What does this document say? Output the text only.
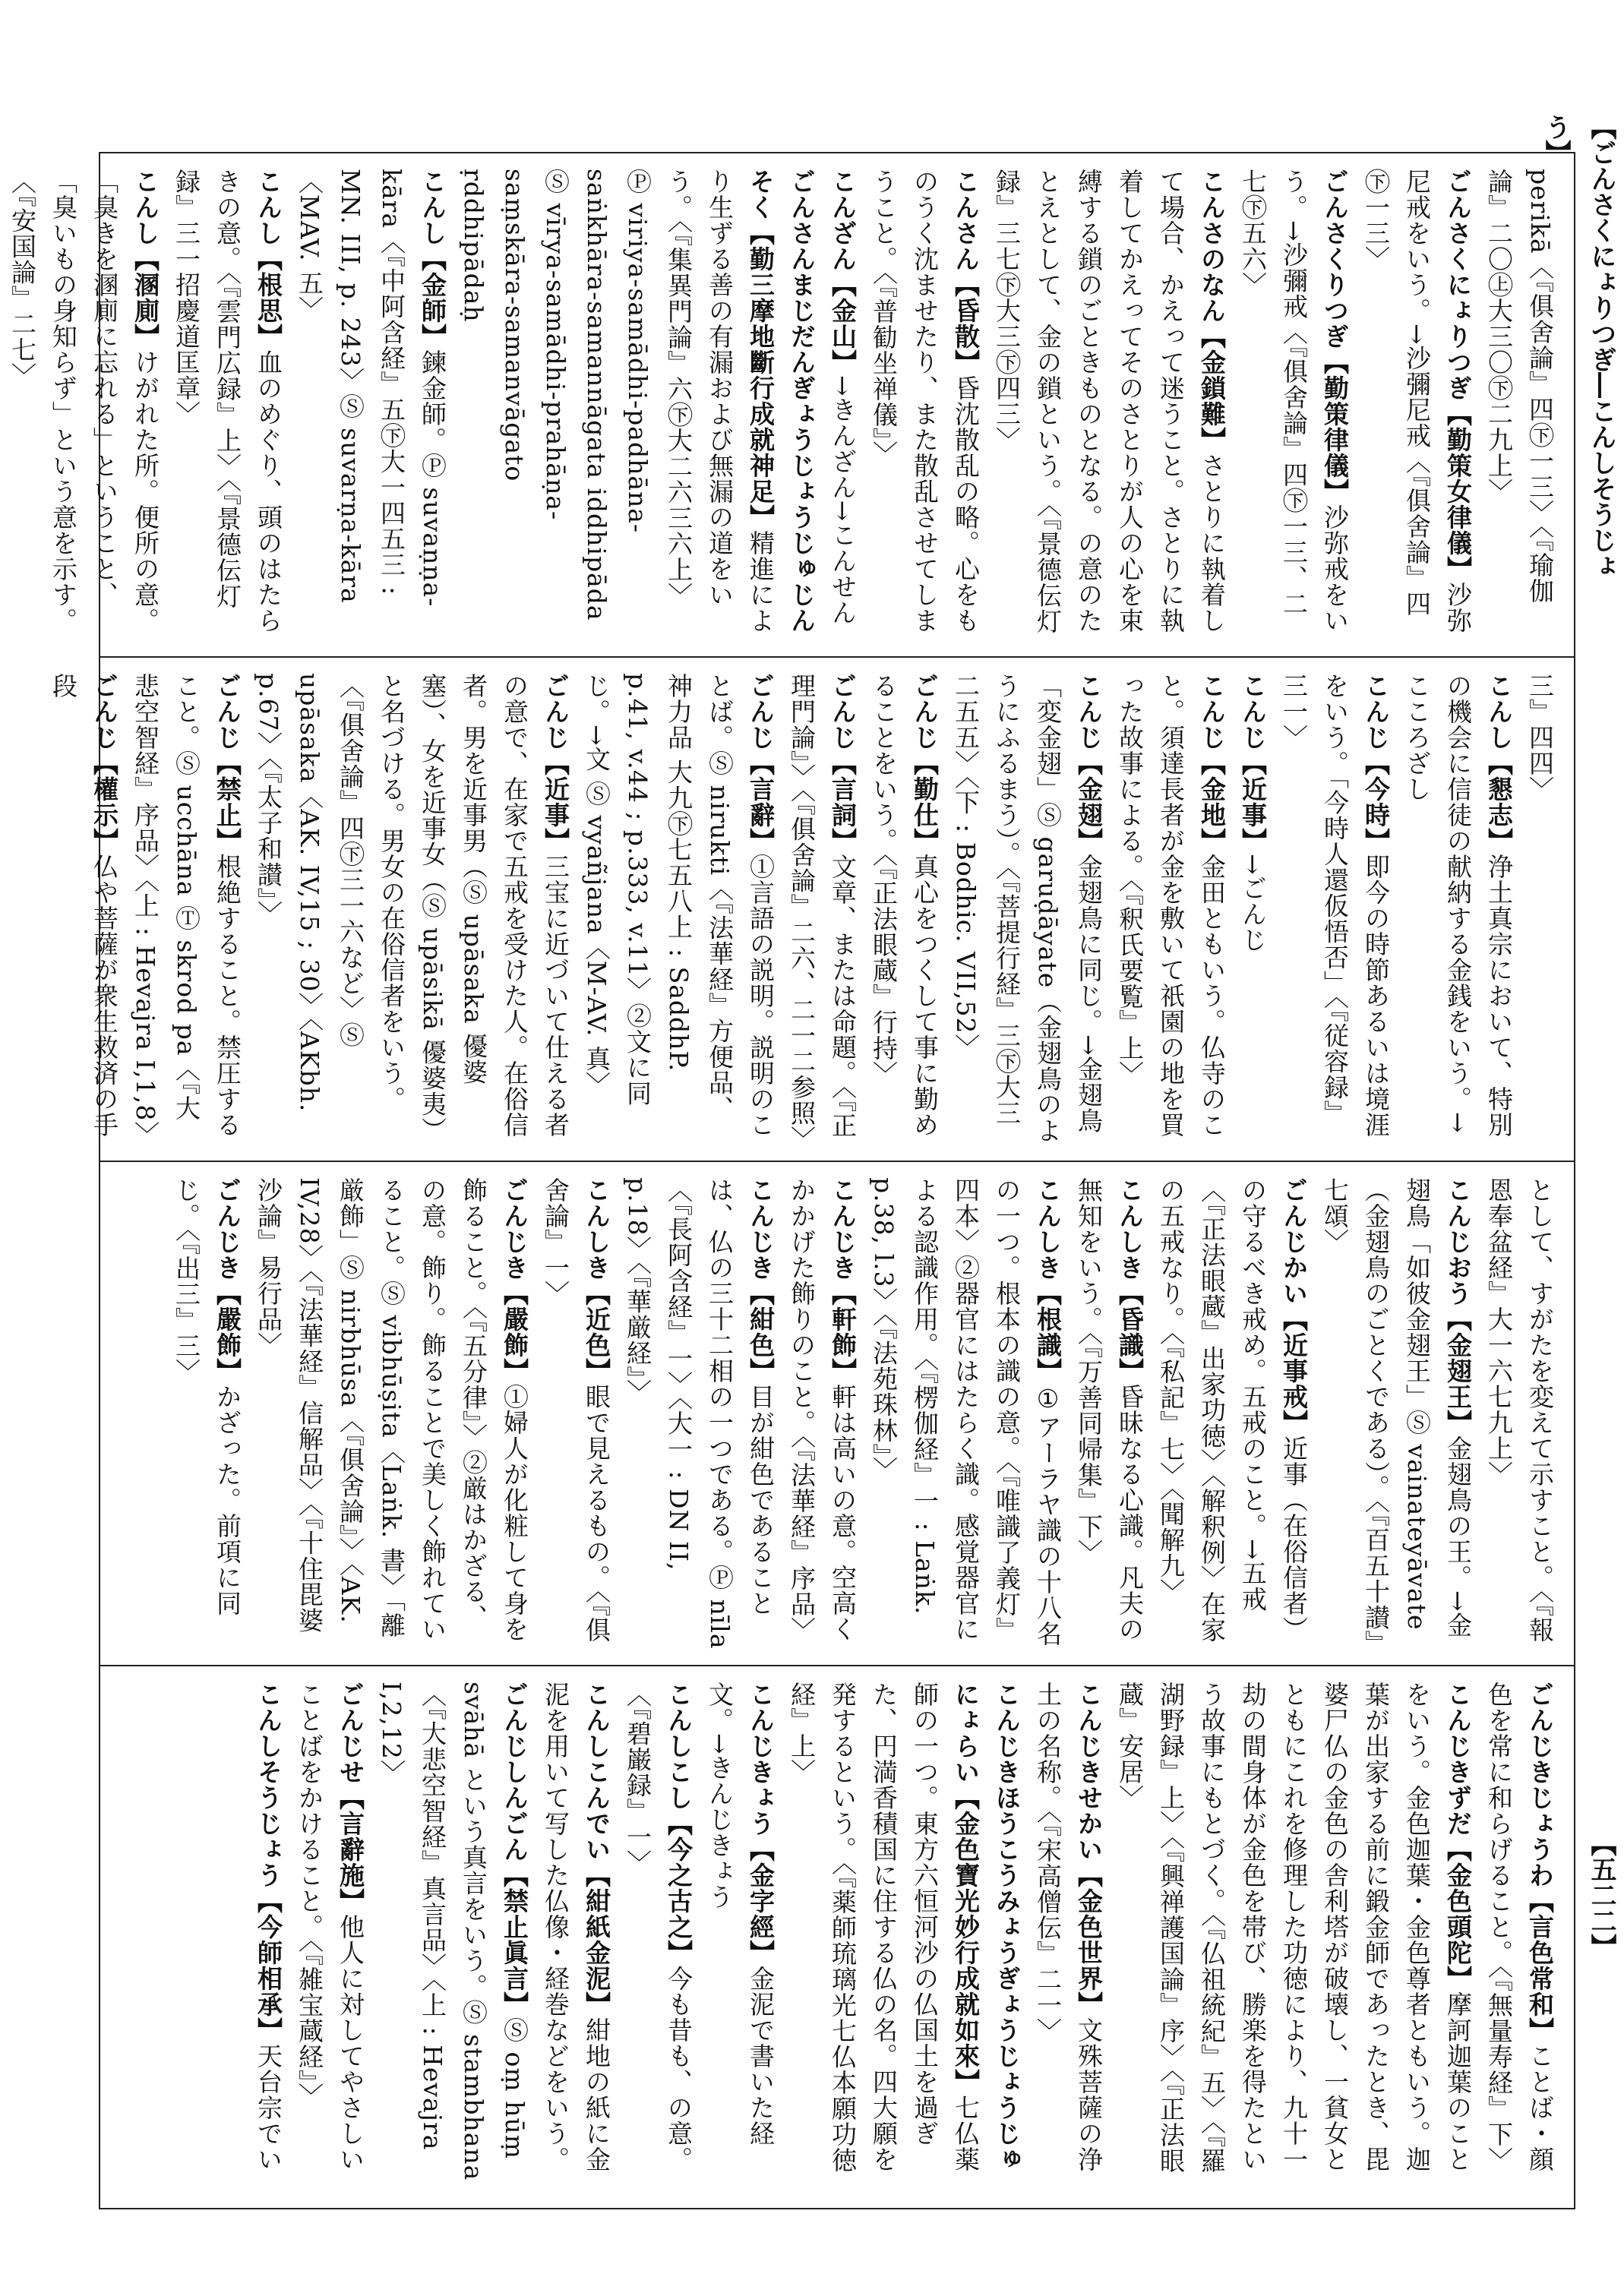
【ごんさくにょりつぎ―こんしそうじょう】
【五二二】
perikā〈『俱舍論』四㊦一三〉〈『瑜伽論』二〇㊤大三〇㊦二九上〉
ごんさくにょりつぎ【勤策女律儀】沙弥尼戒をいう。→沙彌尼戒〈『俱舍論』四㊦一三〉
ごんさくりつぎ【勤策律儀】沙弥戒をいう。→沙彌戒〈『俱舍論』四㊦一三、二七㊦五六〉
こんさのなん【金鎖難】さとりに執着して場合、かえって迷うこと。さとりに執着してかえってそのさとりが人の心を束縛する鎖のごときものとなる。の意のたとえとして、金の鎖という。〈『景德伝灯録』三七㊦大三㊦四三〉
こんさん【昏散】昏沈散乱の略。心をものうく沈ませたり、また散乱させてしまうこと。〈『普勧坐禅儀』〉
こんざん【金山】→きんざん→こんせん
ごんさんまじだんぎょうじょうじゅじんそく【勤三摩地斷行成就神足】精進により生ずる善の有漏および無漏の道をいう。〈『集異門論』六㊦大二六三六上〉 Ⓟ viriya-samādhi-padhāna-saṅkhāra-samannāgata iddhipāda Ⓢ vīrya-samādhi-prahāṇa-saṃskāra-samanvāgato ṛddhipādaḥ
こんし【金師】鍊金師。Ⓟ suvaṇṇa-kāra〈『中阿含経』五㊦大一四五三 : MN. III, p. 243〉Ⓢ suvarṇa-kāra〈MAV. 五〉
こんし【根思】血のめぐり、頭のはたらきの意。〈『雲門広録』上〉〈『景德伝灯録』三一招慶道匡章〉
こんし【溷廁】けがれた所。便所の意。「臭きを溷廁に忘れる」ということ、「臭いもの身知らず」という意を示す。〈『安国論』二七〉
三』四四〉
こんし【懇志】浄土真宗において、特別の機会に信徒の献納する金銭をいう。→こころざし
こんじ【今時】即今の時節あるいは境涯をいう。「今時人還仮悟否」〈『従容録』三一〉
こんじ【近事】→ごんじ
こんじ【金地】金田ともいう。仏寺のこと。須達長者が金を敷いて祇園の地を買った故事による。〈『釈氏要覧』上〉
こんじ【金翅】金翅鳥に同じ。→金翅鳥「変金翅」Ⓢ garuḍāyate（金翅鳥のようにふるまう）。〈『菩提行経』三㊦大三二五五〉〈下 : Bodhic. VII,52〉
ごんじ【勤仕】真心をつくして事に勤めることをいう。〈『正法眼蔵』行持〉
ごんじ【言詞】文章、または命題。〈『正理門論』〉〈『俱舍論』二六、二一二参照〉
ごんじ【言辭】①言語の説明。説明のことば。Ⓢ nirukti〈『法華経』方便品、神力品 大九㊦七五八上 : SaddhP. p.41, v.44 ; p.333, v.11〉②文に同じ。→文 Ⓢ vyañjana〈M-AV. 真〉
ごんじ【近事】三宝に近づいて仕える者の意で、在家で五戒を受けた人。在俗信者。男を近事男（Ⓢ upāsaka 優婆塞）、女を近事女（Ⓢ upāsikā 優婆夷）と名づける。男女の在俗信者をいう。〈『俱舍論』四㊦三一六など〉Ⓢ upāsaka〈AK. IV,15 ; 30〉〈AKbh. p.67〉〈『太子和讃』〉
ごんじ【禁止】根絶すること。禁圧すること。Ⓢ ucchāna Ⓣ skrod pa〈『大悲空智経』序品〉〈上 : Hevajra I,1,8〉
ごんじ【權示】仏や菩薩が衆生救済の手段
として、すがたを変えて示すこと。〈『報恩奉盆経』大一六七九上〉
こんじおう【金翅王】金翅鳥の王。→金翅鳥「如彼金翅王」Ⓢ vainateyāvate（金翅鳥のごとくである）。〈『百五十讃』七頌〉
ごんじかい【近事戒】近事（在俗信者）の守るべき戒め。五戒のこと。→五戒〈『正法眼蔵』出家功徳〉〈解釈例〉在家の五戒なり。〈『私記』七〉〈聞解九〉
こんしき【昏識】昏昧なる心識。凡夫の無知をいう。〈『万善同帰集』下〉
こんしき【根識】①アーラヤ識の十八名の一つ。根本の識の意。〈『唯識了義灯』四本〉②器官にはたらく識。感覚器官による認識作用。〈『楞伽経』一 : Laṅk. p.38, l.3〉〈『法苑珠林』〉
こんじき【軒飾】軒は高いの意。空高くかかげた飾りのこと。〈『法華経』序品〉
こんじき【紺色】目が紺色であることは、仏の三十二相の一つである。Ⓟ nīla〈『長阿含経』一〉〈大一 : DN II, p.18〉〈『華厳経』〉
こんしき【近色】眼で見えるもの。〈『俱舍論』一〉
ごんじき【嚴飾】①婦人が化粧して身を飾ること。〈『五分律』〉②厳はかざる、の意。飾り。飾ることで美しく飾れていること。Ⓢ vibhūṣita〈Laṅk. 書〉「離厳飾」Ⓢ nirbhūsa〈『俱舍論』〉〈AK. IV,28〉〈『法華経』信解品〉〈『十住毘婆沙論』易行品〉
ごんじき【嚴飾】かざった。前項に同じ。〈『出三』三〉
ごんじきじょうわ【言色常和】ことば・顔色を常に和らげること。〈『無量寿経』下〉
こんじきずだ【金色頭陀】摩訶迦葉のことをいう。金色迦葉・金色尊者ともいう。迦葉が出家する前に鍛金師であったとき、毘婆尸仏の金色の舎利塔が破壊し、一貧女とともにこれを修理した功徳により、九十一劫の間身体が金色を帯び、勝楽を得たという故事にもとづく。〈『仏祖統紀』五〉〈『羅湖野録』上〉〈『興禅護国論』序〉〈『正法眼蔵』安居〉
こんじきせかい【金色世界】文殊菩薩の浄土の名称。〈『宋高僧伝』二一〉
こんじきほうこうみょうぎょうじょうじゅにょらい【金色寶光妙行成就如來】七仏薬師の一つ。東方六恒河沙の仏国土を過ぎた、円満香積国に住する仏の名。四大願を発するという。〈『薬師琉璃光七仏本願功徳経』上〉
こんじきょう【金字經】金泥で書いた経文。→きんじきょう
こんしこし【今之古之】今も昔も、の意。〈『碧巌録』一〉
こんしこんでい【紺紙金泥】紺地の紙に金泥を用いて写した仏像・経巻などをいう。
ごんじしんごん【禁止眞言】Ⓢ oṃ hūṃ svāhā という真言をいう。Ⓢ stambhana〈『大悲空智経』真言品〉〈上 : Hevajra I,2,12〉
ごんじせ【言辭施】他人に対してやさしいことばをかけること。〈『雑宝蔵経』〉
こんしそうじょう【今師相承】天台宗でい
